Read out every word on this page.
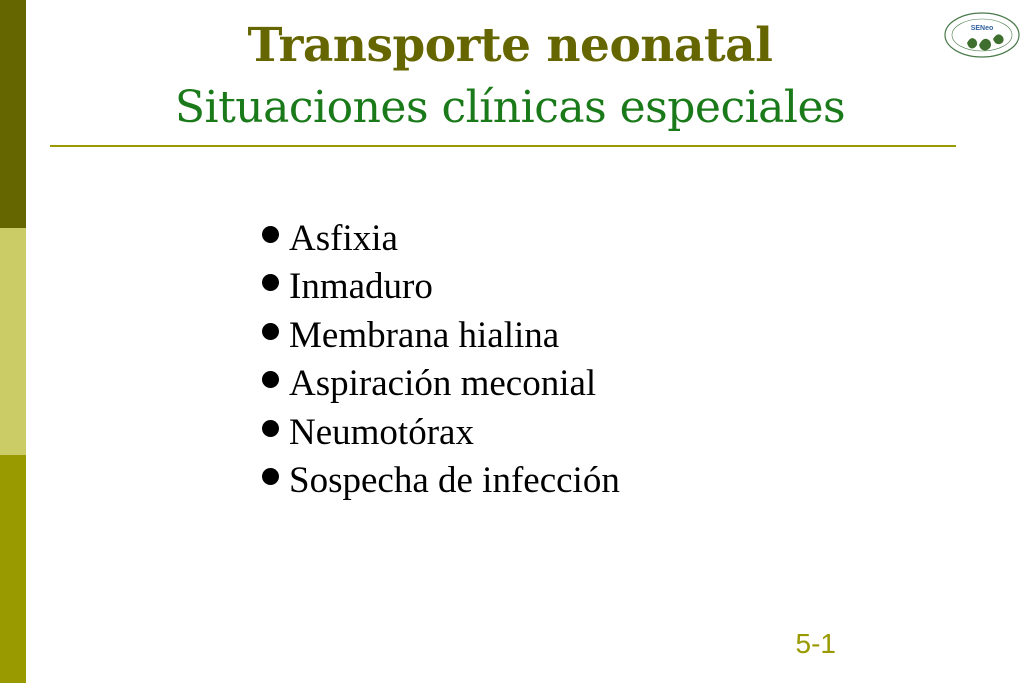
Transporte neonatal
Situaciones clínicas especiales
SENeo
Asfixia
Inmaduro
Membrana hialina
Aspiración meconial
Neumotórax
Sospecha de infección
5-1
